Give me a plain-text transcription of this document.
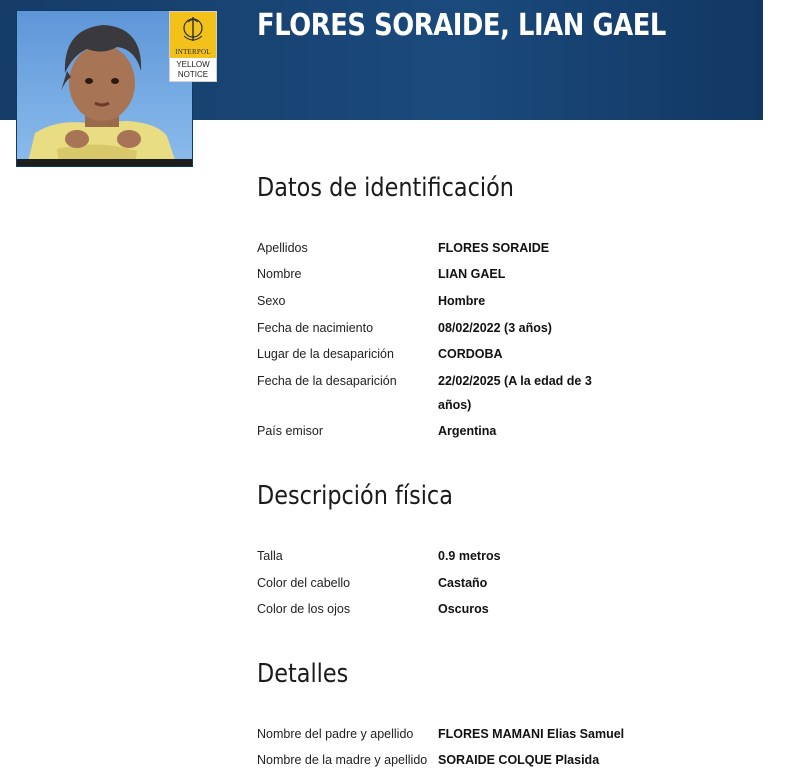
INTERPOL
YELLOW
NOTICE
FLORES SORAIDE, LIAN GAEL
Datos de identificación
Apellidos	FLORES SORAIDE
Nombre	LIAN GAEL
Sexo	Hombre
Fecha de nacimiento	08/02/2022 (3 años)
Lugar de la desaparición	CORDOBA
Fecha de la desaparición	22/02/2025 (A la edad de 3 años)
País emisor	Argentina
Descripción física
Talla	0.9 metros
Color del cabello	Castaño
Color de los ojos	Oscuros
Detalles
Nombre del padre y apellido FLORES MAMANI Elias Samuel
Nombre de la madre y apellido SORAIDE COLQUE Plasida
